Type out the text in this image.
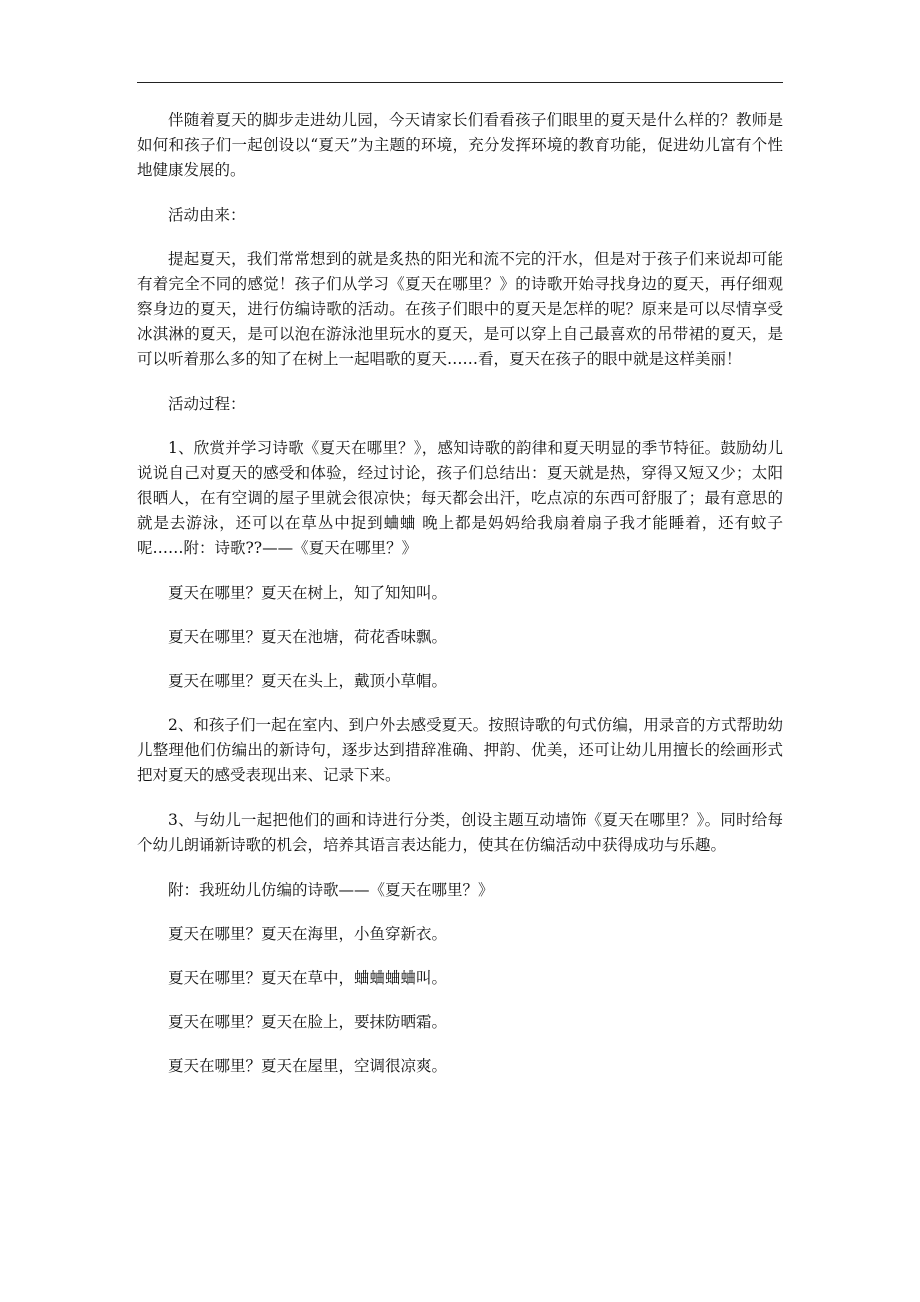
伴随着夏天的脚步走进幼儿园，今天请家长们看看孩子们眼里的夏天是什么样的？教师是如何和孩子们一起创设以“夏天”为主题的环境，充分发挥环境的教育功能，促进幼儿富有个性地健康发展的。

活动由来：

提起夏天，我们常常想到的就是炙热的阳光和流不完的汗水，但是对于孩子们来说却可能有着完全不同的感觉！孩子们从学习《夏天在哪里？》的诗歌开始寻找身边的夏天，再仔细观察身边的夏天，进行仿编诗歌的活动。在孩子们眼中的夏天是怎样的呢？原来是可以尽情享受冰淇淋的夏天，是可以泡在游泳池里玩水的夏天，是可以穿上自己最喜欢的吊带裙的夏天，是可以听着那么多的知了在树上一起唱歌的夏天……看，夏天在孩子的眼中就是这样美丽！

活动过程：

1、欣赏并学习诗歌《夏天在哪里？》，感知诗歌的韵律和夏天明显的季节特征。鼓励幼儿说说自己对夏天的感受和体验，经过讨论，孩子们总结出：夏天就是热，穿得又短又少；太阳很晒人，在有空调的屋子里就会很凉快；每天都会出汗，吃点凉的东西可舒服了；最有意思的就是去游泳，还可以在草丛中捉到蛐蛐 晚上都是妈妈给我扇着扇子我才能睡着，还有蚊子呢……附：诗歌??——《夏天在哪里？》

夏天在哪里？夏天在树上，知了知知叫。

夏天在哪里？夏天在池塘，荷花香味飘。

夏天在哪里？夏天在头上，戴顶小草帽。

2、和孩子们一起在室内、到户外去感受夏天。按照诗歌的句式仿编，用录音的方式帮助幼儿整理他们仿编出的新诗句，逐步达到措辞准确、押韵、优美，还可让幼儿用擅长的绘画形式把对夏天的感受表现出来、记录下来。

3、与幼儿一起把他们的画和诗进行分类，创设主题互动墙饰《夏天在哪里？》。同时给每个幼儿朗诵新诗歌的机会，培养其语言表达能力，使其在仿编活动中获得成功与乐趣。

附：我班幼儿仿编的诗歌——《夏天在哪里？》

夏天在哪里？夏天在海里，小鱼穿新衣。

夏天在哪里？夏天在草中，蛐蛐蛐蛐叫。

夏天在哪里？夏天在脸上，要抹防晒霜。

夏天在哪里？夏天在屋里，空调很凉爽。
